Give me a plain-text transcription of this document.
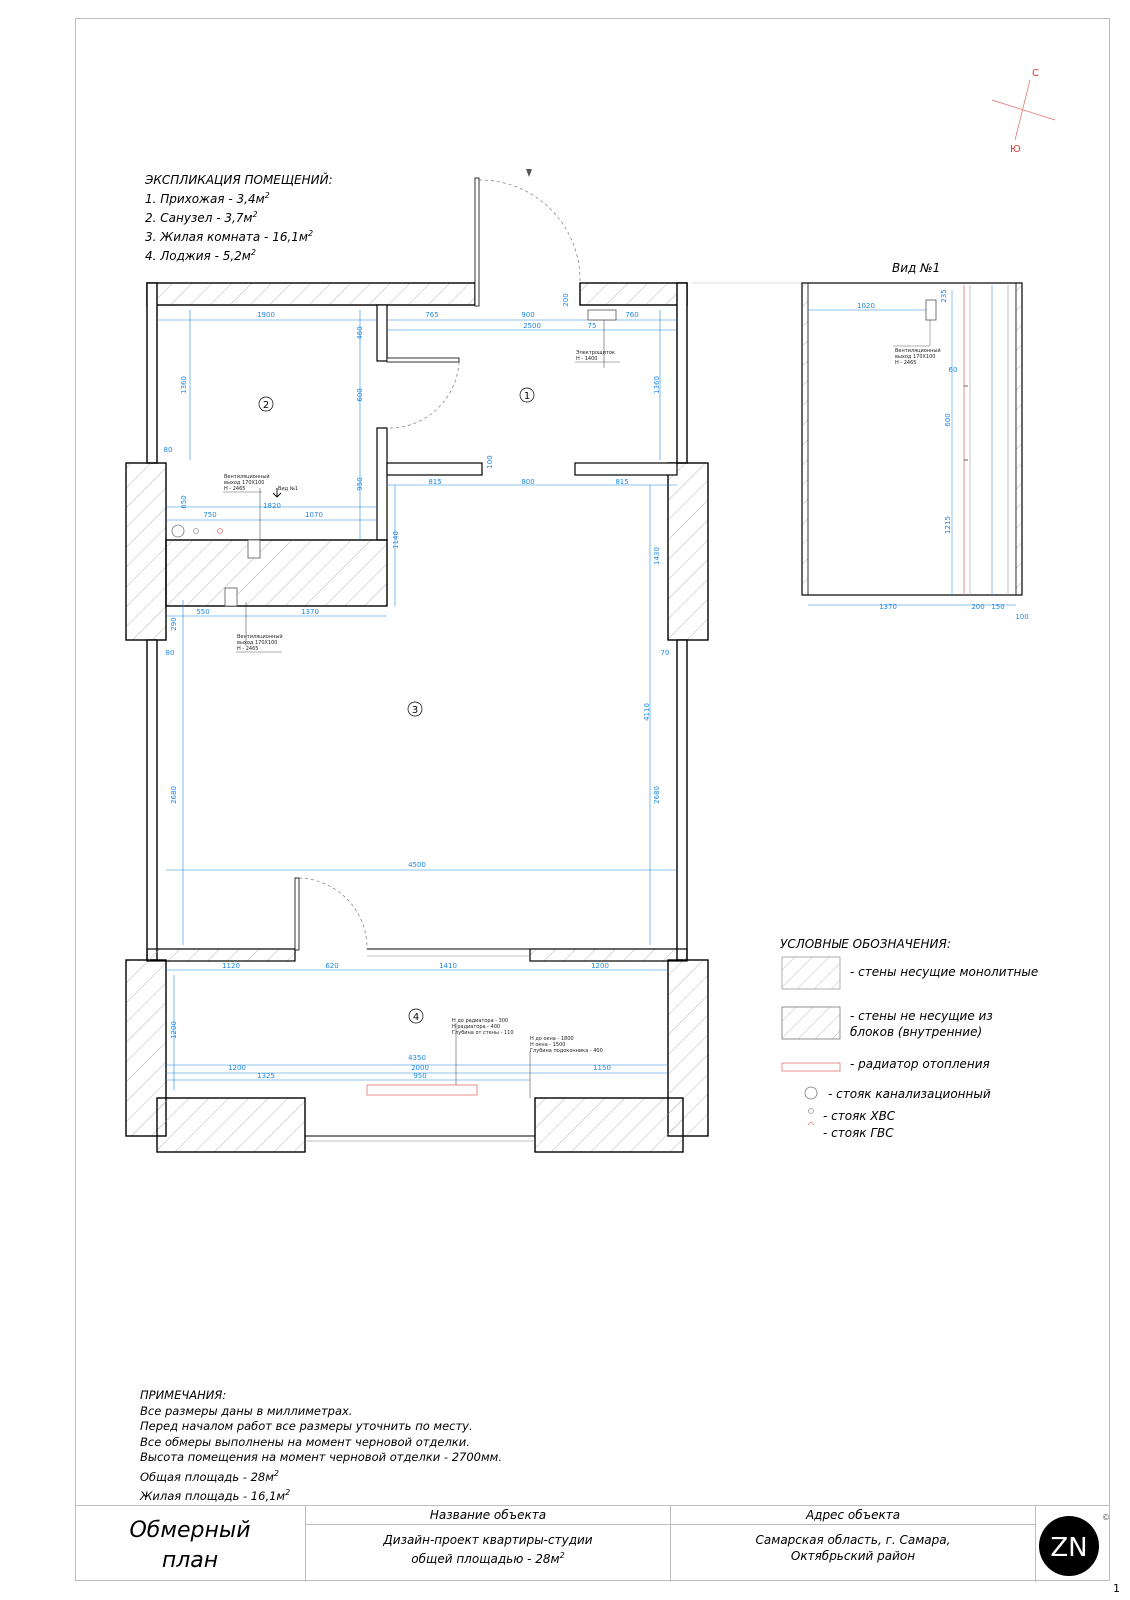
ЭКСПЛИКАЦИЯ ПОМЕЩЕНИЙ:
1. Прихожая - $3,4м^2$
2. Санузел - $3,7м^2$
3. Жилая комната - $16,1м^2$
4. Лоджия - $5,2м^2$
С
Ю
1
2
3
4
1900	765	900	760
2500	75
200
815	800	815
750	1070
1820
80
650
1360
460
600
950
1140
290
80
2680
1360
1430
70
4110
2680
100
550	1370
4500
1120	620	1410	1200
1200
4350
1200	2000	1150
1325	950
Электрощиток
Н - 1400
Вентиляционный
выход 170Х100
Н - 2465
Вентиляционный
выход 170Х100
Н - 2465
Вид №1
Н до радиатора - 300
Н радиатора - 400
Глубина от стены - 110
Н до окна - 1800
Н окна - 1500
Глубина подоконника - 400
1020
235
60
600
1215
1370	200 150
100
Вентиляционный
выход 170Х100
Н - 2465
Вид №1
УСЛОВНЫЕ ОБОЗНАЧЕНИЯ:
- стены несущие монолитные
- стены не несущие из
блоков (внутренние)
- радиатор отопления
- стояк канализационный
- стояк ХВС
- стояк ГВС
ПРИМЕЧАНИЯ:
Все размеры даны в миллиметрах.
Перед началом работ все размеры уточнить по месту.
Все обмеры выполнены на момент черновой отделки.
Высота помещения на момент черновой отделки - 2700мм.
Общая площадь - $28м^2$
Жилая площадь - $16,1м^2$
Обмерный
план
Название объекта
Дизайн-проект квартиры-студии
общей площадью - $28м^2$
Адрес объекта
Самарская область, г. Самара,
Октябрьский район	ZN
©
1
